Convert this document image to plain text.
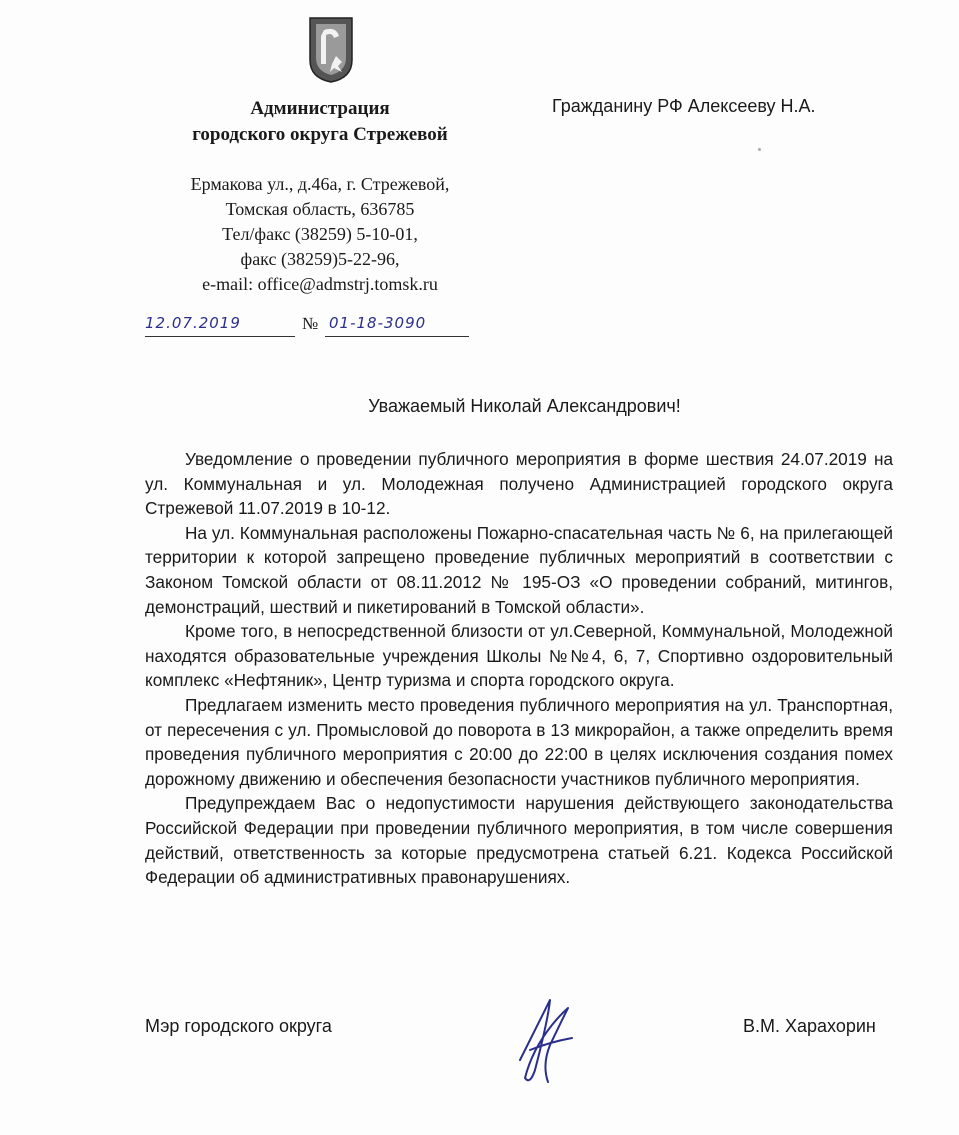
Администрация
городского округа Стрежевой
Ермакова ул., д.46а, г. Стрежевой,
Томская область, 636785
Тел/факс (38259) 5-10-01,
факс (38259)5-22-96,
e-mail: office@admstrj.tomsk.ru
Гражданину РФ Алексееву Н.А.
12.07.2019	№ 01-18-3090
Уважаемый Николай Александрович!

Уведомление о проведении публичного мероприятия в форме шествия 24.07.2019 на ул. Коммунальная и ул. Молодежная получено Администрацией городского округа Стрежевой 11.07.2019 в 10-12.

На ул. Коммунальная расположены Пожарно-спасательная часть № 6, на прилегающей территории к которой запрещено проведение публичных мероприятий в соответствии с Законом Томской области от 08.11.2012 № 195-ОЗ «О проведении собраний, митингов, демонстраций, шествий и пикетирований в Томской области».

Кроме того, в непосредственной близости от ул.Северной, Коммунальной, Молодежной находятся образовательные учреждения Школы №№4, 6, 7, Спортивно оздоровительный комплекс «Нефтяник», Центр туризма и спорта городского округа.

Предлагаем изменить место проведения публичного мероприятия на ул. Транспортная, от пересечения с ул. Промысловой до поворота в 13 микрорайон, а также определить время проведения публичного мероприятия с 20:00 до 22:00 в целях исключения создания помех дорожному движению и обеспечения безопасности участников публичного мероприятия.

Предупреждаем Вас о недопустимости нарушения действующего законодательства Российской Федерации при проведении публичного мероприятия, в том числе совершения действий, ответственность за которые предусмотрена статьей 6.21. Кодекса Российской Федерации об административных правонарушениях.

Мэр городского округа	В.М. Харахорин
